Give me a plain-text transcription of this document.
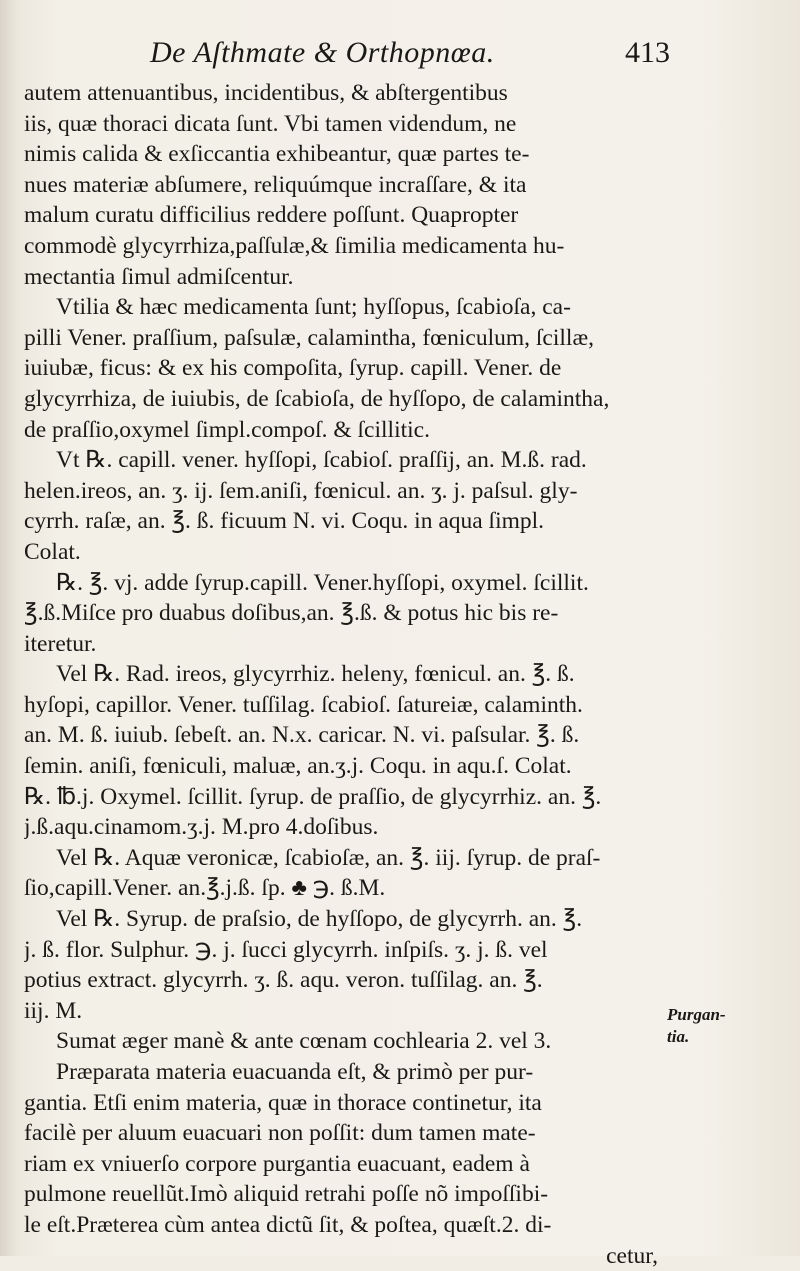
De Aſthmate & Orthopnœa.	413
autem attenuantibus, incidentibus, & abſtergentibus
iis, quæ thoraci dicata ſunt. Vbi tamen videndum, ne
nimis calida & exſiccantia exhibeantur, quæ partes te-
nues materiæ abſumere, reliquúmque incraſſare, & ita
malum curatu difficilius reddere poſſunt. Quapropter
commodè glycyrrhiza,paſſulæ,& ſimilia medicamenta hu-
mectantia ſimul admiſcentur.
Vtilia & hæc medicamenta ſunt; hyſſopus, ſcabioſa, ca-
pilli Vener. praſſium, paſsulæ, calamintha, fœniculum, ſcillæ,
iuiubæ, ficus: & ex his compoſita, ſyrup. capill. Vener. de
glycyrrhiza, de iuiubis, de ſcabioſa, de hyſſopo, de calamintha,
de praſſio,oxymel ſimpl.compoſ. & ſcillitic.
Vt ℞. capill. vener. hyſſopi, ſcabioſ. praſſij, an. M.ß. rad.
helen.ireos, an. ʒ. ij. ſem.aniſi, fœnicul. an. ʒ. j. paſsul. gly-
cyrrh. raſæ, an. ℥. ß. ficuum N. vi. Coqu. in aqua ſimpl.
Colat.
℞. ℥. vj. adde ſyrup.capill. Vener.hyſſopi, oxymel. ſcillit.
℥.ß.Miſce pro duabus doſibus,an. ℥.ß. & potus hic bis re-
iteretur.
Vel ℞. Rad. ireos, glycyrrhiz. heleny, fœnicul. an. ℥. ß.
hyſopi, capillor. Vener. tuſſilag. ſcabioſ. ſatureiæ, calaminth.
an. M. ß. iuiub. ſebeſt. an. N.x. caricar. N. vi. paſsular. ℥. ß.
ſemin. aniſi, fœniculi, maluæ, an.ʒ.j. Coqu. in aqu.ſ. Colat.
℞. ℔.j. Oxymel. ſcillit. ſyrup. de praſſio, de glycyrrhiz. an. ℥.
j.ß.aqu.cinamom.ʒ.j. M.pro 4.doſibus.
Vel ℞. Aquæ veronicæ, ſcabioſæ, an. ℥. iij. ſyrup. de praſ-
ſio,capill.Vener. an.℥.j.ß. ſp. ♣ ℈. ß.M.
Vel ℞. Syrup. de praſsio, de hyſſopo, de glycyrrh. an. ℥.
j. ß. flor. Sulphur. ℈. j. ſucci glycyrrh. inſpiſs. ʒ. j. ß. vel
potius extract. glycyrrh. ʒ. ß. aqu. veron. tuſſilag. an. ℥.
iij. M.
Sumat æger manè & ante cœnam cochlearia 2. vel 3.
Præparata materia euacuanda eſt, & primò per pur-
gantia. Etſi enim materia, quæ in thorace continetur, ita
facilè per aluum euacuari non poſſit: dum tamen mate-
riam ex vniuerſo corpore purgantia euacuant, eadem à
pulmone reuellũt.Imò aliquid retrahi poſſe nõ impoſſibi-
le eſt.Præterea cùm antea dictũ ſit, & poſtea, quæſt.2. di-
cetur,
Purgan-
tia.
